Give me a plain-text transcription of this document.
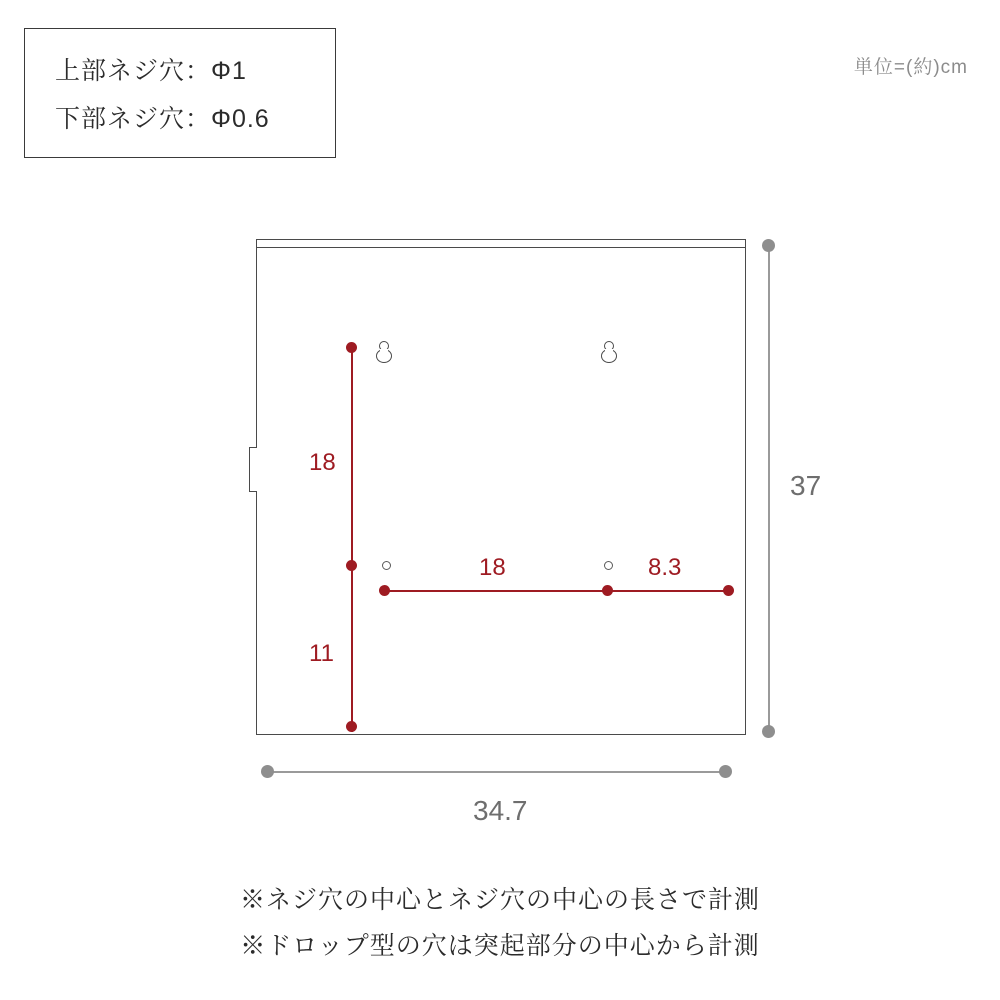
上部ネジ穴：Φ1
下部ネジ穴：Φ0.6
単位=(約)cm
18
11
18	8.3
37
34.7
※ネジ穴の中心とネジ穴の中心の長さで計測
※ドロップ型の穴は突起部分の中心から計測
